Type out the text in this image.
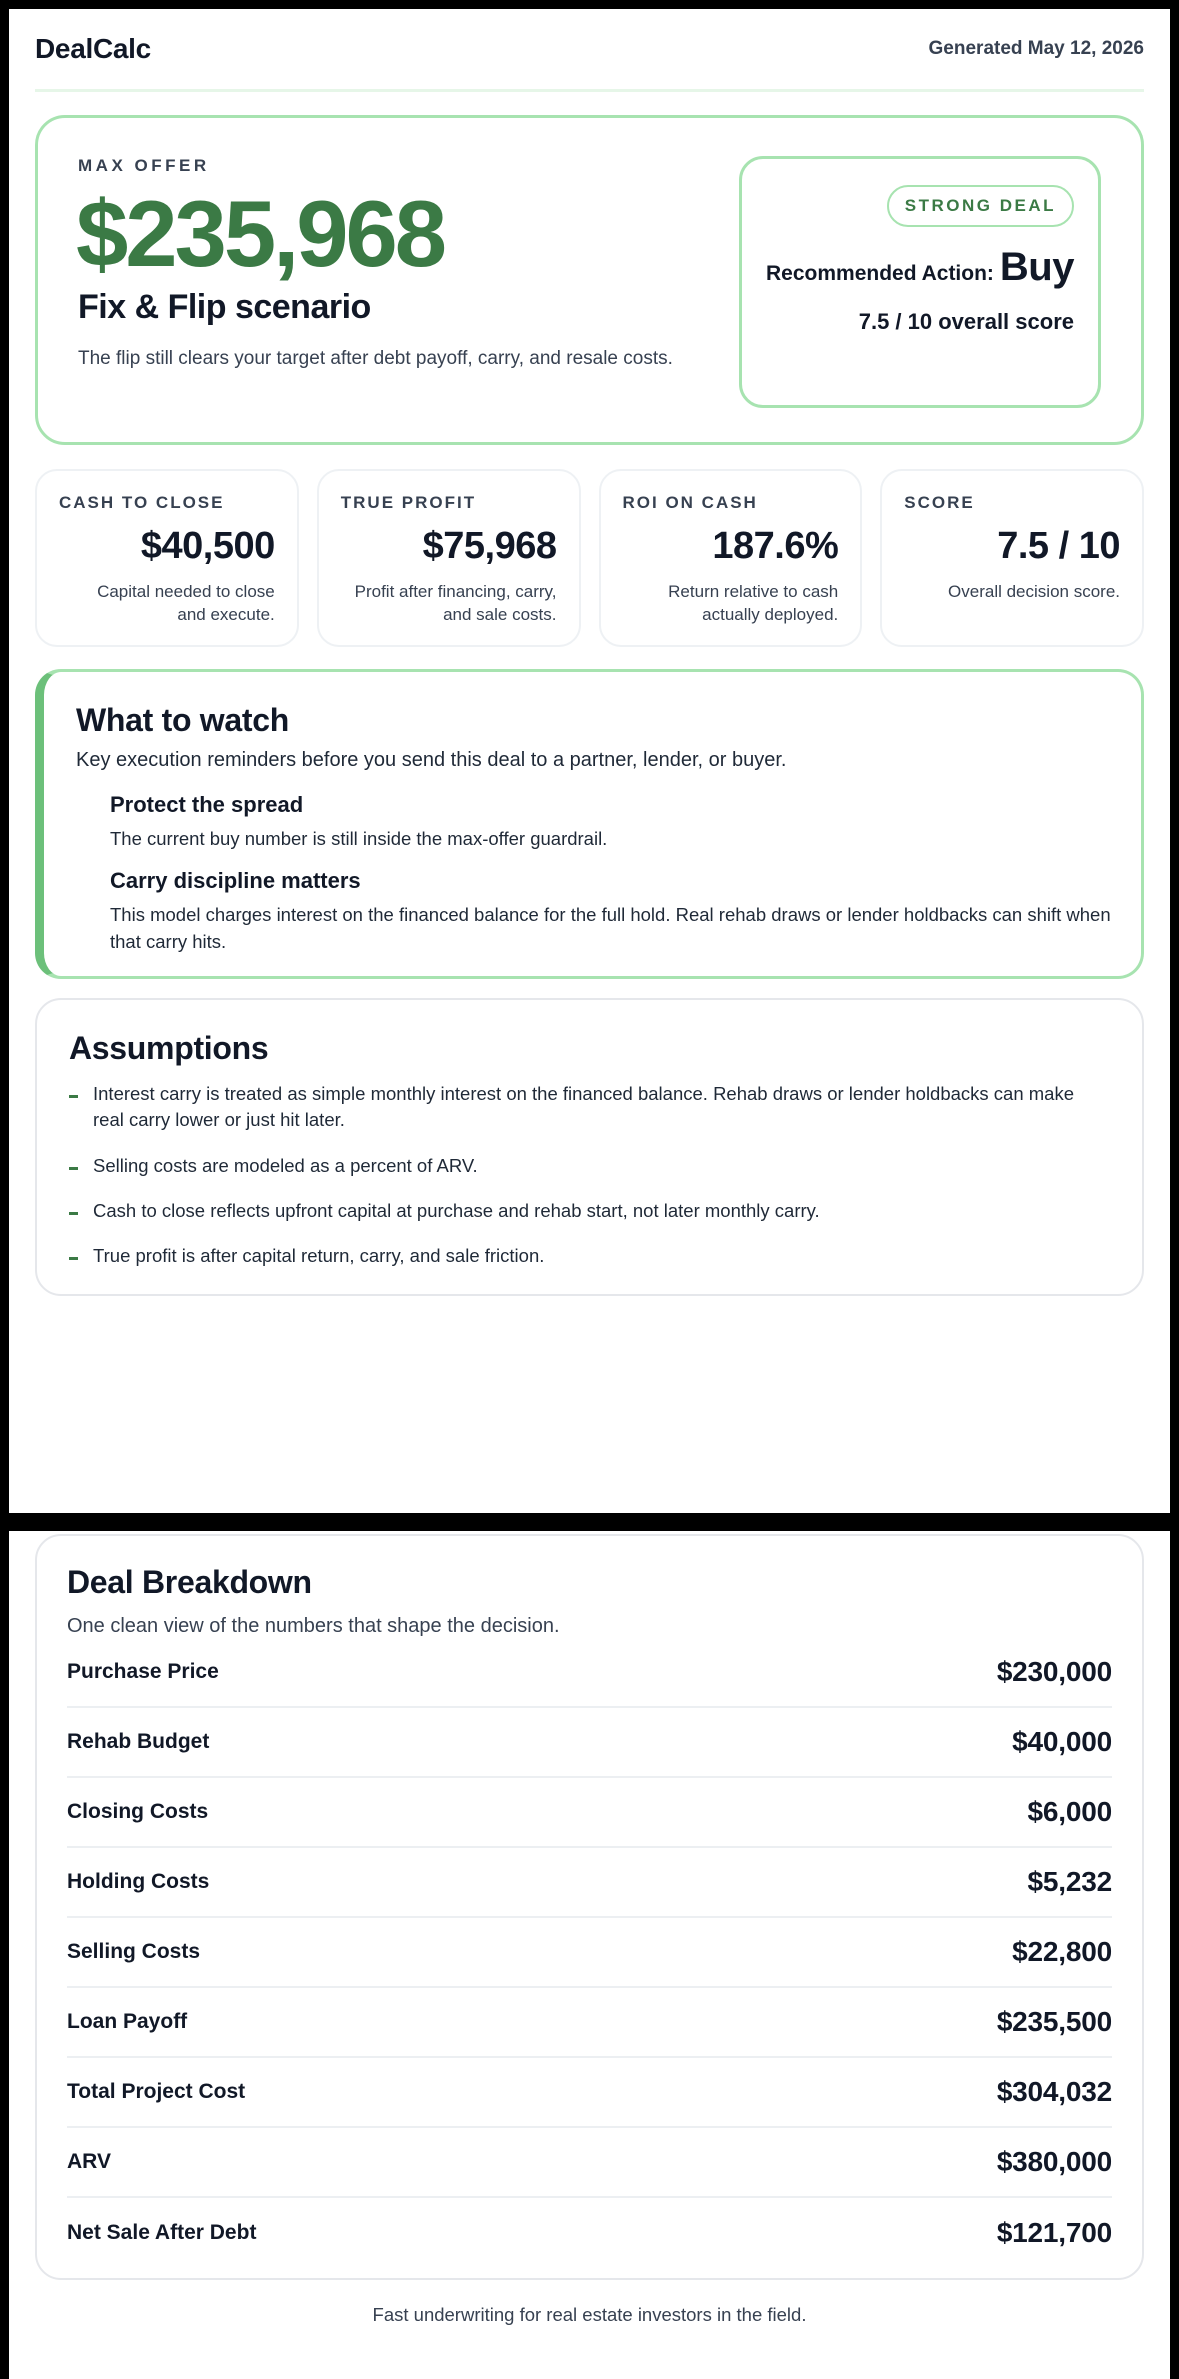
DealCalc	Generated May 12, 2026
MAX OFFER
$235,968
Fix & Flip scenario
The flip still clears your target after debt payoff, carry, and resale costs.
STRONG DEAL
Recommended Action: Buy
7.5 / 10 overall score
CASH TO CLOSE
$40,500
Capital needed to close and execute.
TRUE PROFIT
$75,968
Profit after financing, carry, and sale costs.
ROI ON CASH
187.6%
Return relative to cash actually deployed.
SCORE
7.5 / 10
Overall decision score.
What to watch
Key execution reminders before you send this deal to a partner, lender, or buyer.
Protect the spread
The current buy number is still inside the max-offer guardrail.
Carry discipline matters
This model charges interest on the financed balance for the full hold. Real rehab draws or lender holdbacks can shift when that carry hits.
Assumptions
Interest carry is treated as simple monthly interest on the financed balance. Rehab draws or lender holdbacks can make real carry lower or just hit later.
Selling costs are modeled as a percent of ARV.
Cash to close reflects upfront capital at purchase and rehab start, not later monthly carry.
True profit is after capital return, carry, and sale friction.
Deal Breakdown
One clean view of the numbers that shape the decision.
Purchase Price	$230,000
Rehab Budget	$40,000
Closing Costs	$6,000
Holding Costs	$5,232
Selling Costs	$22,800
Loan Payoff	$235,500
Total Project Cost	$304,032
ARV	$380,000
Net Sale After Debt	$121,700
Fast underwriting for real estate investors in the field.
